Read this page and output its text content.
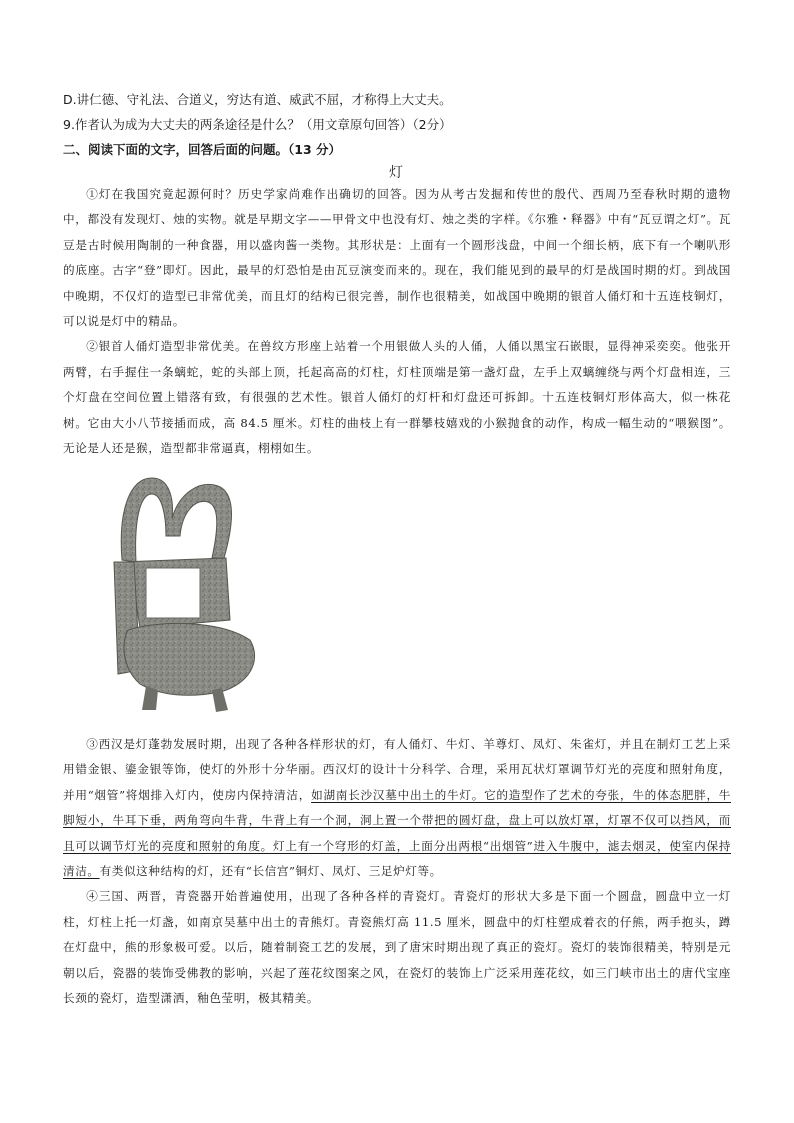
D.讲仁德、守礼法、合道义，穷达有道、威武不屈，才称得上大丈夫。
9.作者认为成为大丈夫的两条途径是什么？（用文章原句回答）（2分）
二、阅读下面的文字，回答后面的问题。（13 分）
灯

①灯在我国究竟起源何时？历史学家尚难作出确切的回答。因为从考古发掘和传世的殷代、西周乃至春秋时期的遗物中，都没有发现灯、烛的实物。就是早期文字——甲骨文中也没有灯、烛之类的字样。《尔雅・释器》中有“瓦豆谓之灯”。瓦豆是古时候用陶制的一种食器，用以盛肉酱一类物。其形状是：上面有一个圆形浅盘，中间一个细长柄，底下有一个喇叭形的底座。古字“登”即灯。因此，最早的灯恐怕是由瓦豆演变而来的。现在，我们能见到的最早的灯是战国时期的灯。到战国中晚期，不仅灯的造型已非常优美，而且灯的结构已很完善，制作也很精美，如战国中晚期的银首人俑灯和十五连枝铜灯，可以说是灯中的精品。

②银首人俑灯造型非常优美。在兽纹方形座上站着一个用银做人头的人俑，人俑以黑宝石嵌眼，显得神采奕奕。他张开两臂，右手握住一条螭蛇，蛇的头部上顶，托起高高的灯柱，灯柱顶端是第一盏灯盘，左手上双螭缠绕与两个灯盘相连，三个灯盘在空间位置上错落有致，有很强的艺术性。银首人俑灯的灯杆和灯盘还可拆卸。十五连枝铜灯形体高大，似一株花树。它由大小八节接插而成，高 84.5 厘米。灯柱的曲枝上有一群攀枝嬉戏的小猴抛食的动作，构成一幅生动的“喂猴图”。无论是人还是猴，造型都非常逼真，栩栩如生。

③西汉是灯蓬勃发展时期，出现了各种各样形状的灯，有人俑灯、牛灯、羊尊灯、凤灯、朱雀灯，并且在制灯工艺上采用错金银、鎏金银等饰，使灯的外形十分华丽。西汉灯的设计十分科学、合理，采用瓦状灯罩调节灯光的亮度和照射角度，并用“烟管”将烟排入灯内，使房内保持清洁，如湖南长沙汉墓中出土的牛灯。它的造型作了艺术的夸张，牛的体态肥胖，牛脚短小，牛耳下垂，两角弯向牛背，牛背上有一个洞，洞上置一个带把的圆灯盘，盘上可以放灯罩，灯罩不仅可以挡风，而且可以调节灯光的亮度和照射的角度。灯上有一个穹形的灯盖，上面分出两根“出烟管”进入牛腹中，滤去烟灵，使室内保持清洁。有类似这种结构的灯，还有“长信宫”铜灯、凤灯、三足炉灯等。

④三国、两晋，青瓷器开始普遍使用，出现了各种各样的青瓷灯。青瓷灯的形状大多是下面一个圆盘，圆盘中立一灯柱，灯柱上托一灯盏，如南京吴墓中出土的青熊灯。青瓷熊灯高 11.5 厘米，圆盘中的灯柱塑成着衣的仔熊，两手抱头，蹲在灯盘中，熊的形象极可爱。以后，随着制瓷工艺的发展，到了唐宋时期出现了真正的瓷灯。瓷灯的装饰很精美，特别是元朝以后，瓷器的装饰受佛教的影响，兴起了莲花纹图案之风，在瓷灯的装饰上广泛采用莲花纹，如三门峡市出土的唐代宝座长颈的瓷灯，造型潇洒，釉色莹明，极其精美。
